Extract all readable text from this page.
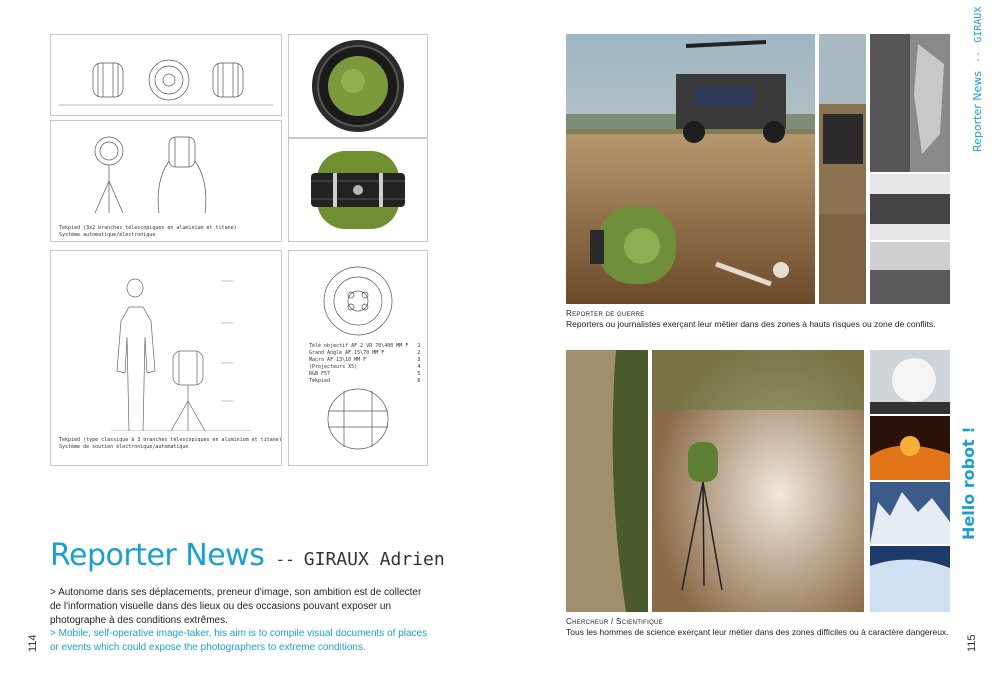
Tekpied (3x2 branches télescopiques en aluminium et titane)
Système automatique/électronique
Tekpied (type classique à 3 branches télescopiques en aluminium et titane)
Système de soutien électronique/automatique
Télé objectif AF 2 VR 70\400 MM F   1
Grand Angle AF 15\70 MM F           2
Macro AF 13\10 MM F                 3
(Projecteurs X5)                    4
RGB F57                             5
Tekpied                             6
Reporter News -- GIRAUX Adrien
> Autonome dans ses déplacements, preneur d'image, son ambition est de collecter de l'information visuelle dans des lieux ou des occasions pouvant exposer un photographe à des conditions extrêmes.
> Mobile, self-operative image-taker, his aim is to compile visual documents of places or events which could expose the photographers to extreme conditions.
114
Reporter de guerre
Reporters ou journalistes exerçant leur métier dans des zones à hauts risques ou zone de conflits.
Chercheur / Scientifique
Tous les hommes de science exerçant leur métier dans des zones difficiles ou à caractère dangereux.
Reporter News -- GIRAUX
Hello robot !
115
